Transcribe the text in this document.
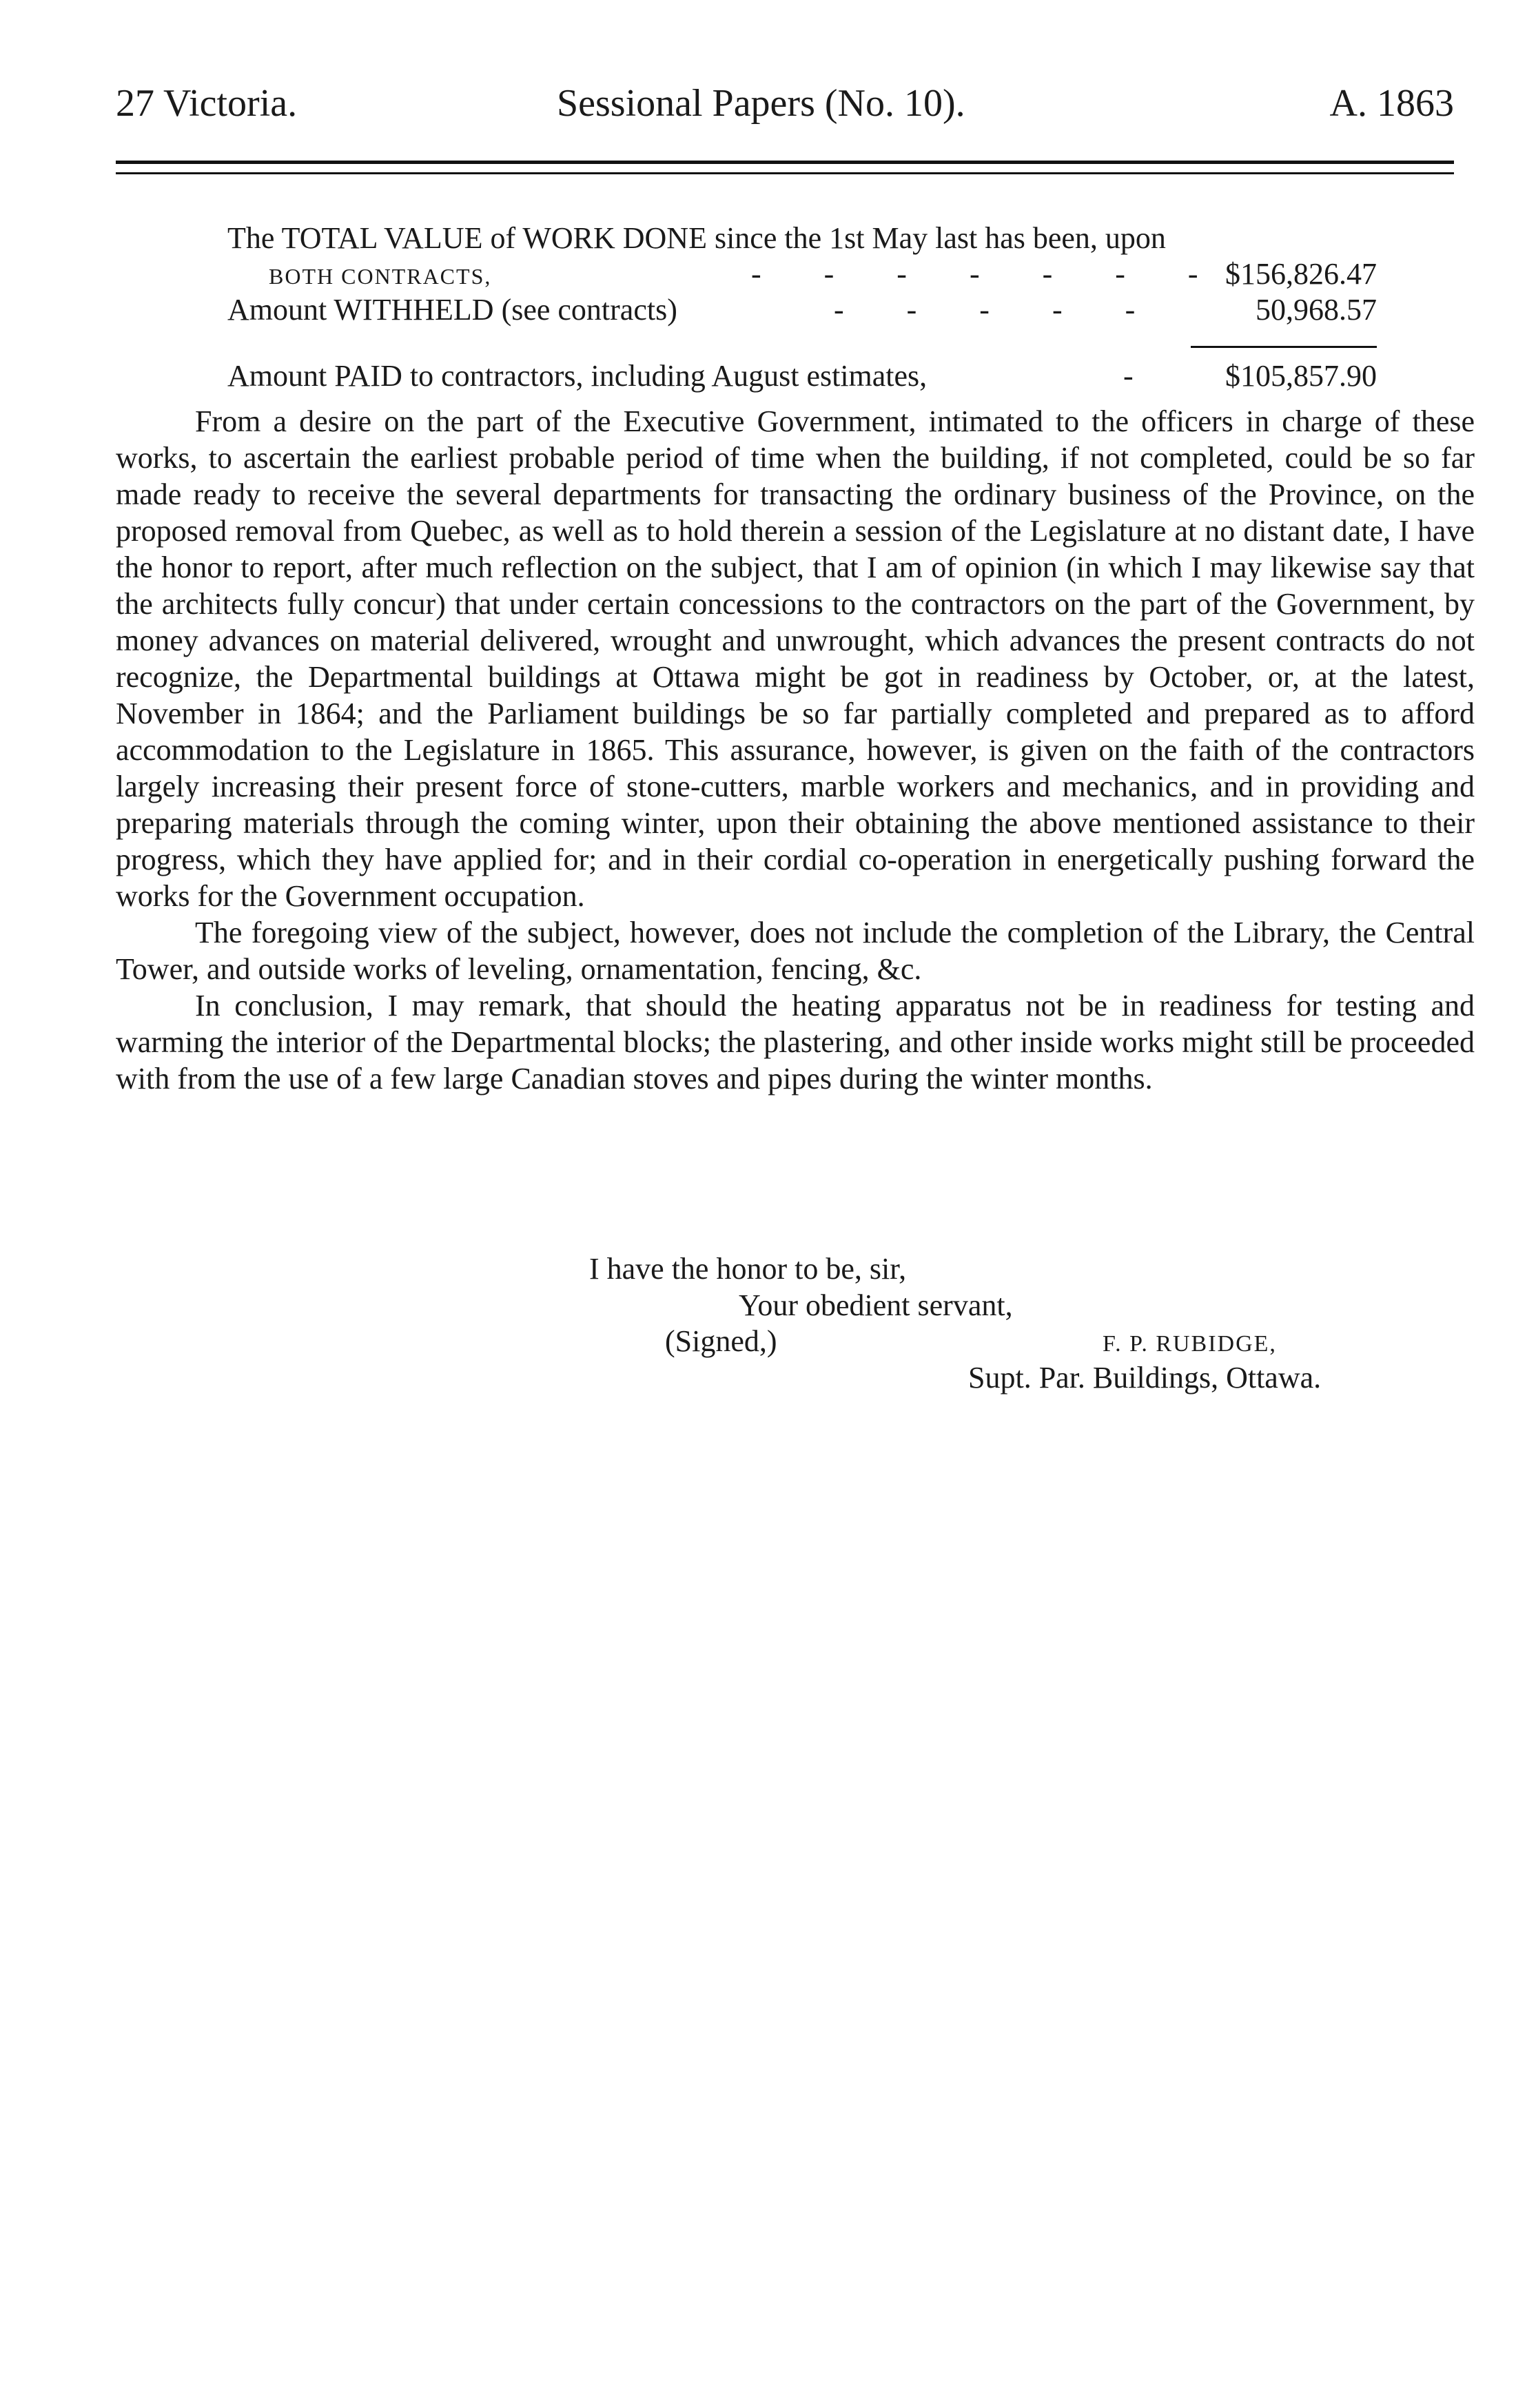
27 Victoria.	Sessional Papers (No. 10).	A. 1863
The TOTAL VALUE of WORK DONE since the 1st May last has been, upon
BOTH CONTRACTS,	- - - - - - - $156,826.47
Amount WITHHELD (see contracts)	- - - - -	50,968.57
Amount PAID to contractors, including August estimates,	- $105,857.90

From a desire on the part of the Executive Government, intimated to the officers in charge of these works, to ascertain the earliest probable period of time when the building, if not completed, could be so far made ready to receive the several departments for transacting the ordinary business of the Province, on the proposed removal from Quebec, as well as to hold therein a session of the Legislature at no distant date, I have the honor to report, after much reflection on the subject, that I am of opinion (in which I may likewise say that the architects fully concur) that under certain concessions to the contractors on the part of the Government, by money advances on material delivered, wrought and unwrought, which advances the present contracts do not recognize, the Departmental buildings at Ottawa might be got in readiness by October, or, at the latest, November in 1864; and the Parliament buildings be so far partially completed and prepared as to afford accommodation to the Legislature in 1865. This assurance, however, is given on the faith of the contractors largely increasing their present force of stone-cutters, marble workers and mechanics, and in providing and preparing materials through the coming winter, upon their obtaining the above mentioned assistance to their progress, which they have applied for; and in their cordial co-operation in energetically pushing forward the works for the Government occupation.

The foregoing view of the subject, however, does not include the completion of the Library, the Central Tower, and outside works of leveling, ornamentation, fencing, &c.

In conclusion, I may remark, that should the heating apparatus not be in readiness for testing and warming the interior of the Departmental blocks; the plastering, and other inside works might still be proceeded with from the use of a few large Canadian stoves and pipes during the winter months.

I have the honor to be, sir,
Your obedient servant,
(Signed,)	F. P. RUBIDGE,
Supt. Par. Buildings, Ottawa.
